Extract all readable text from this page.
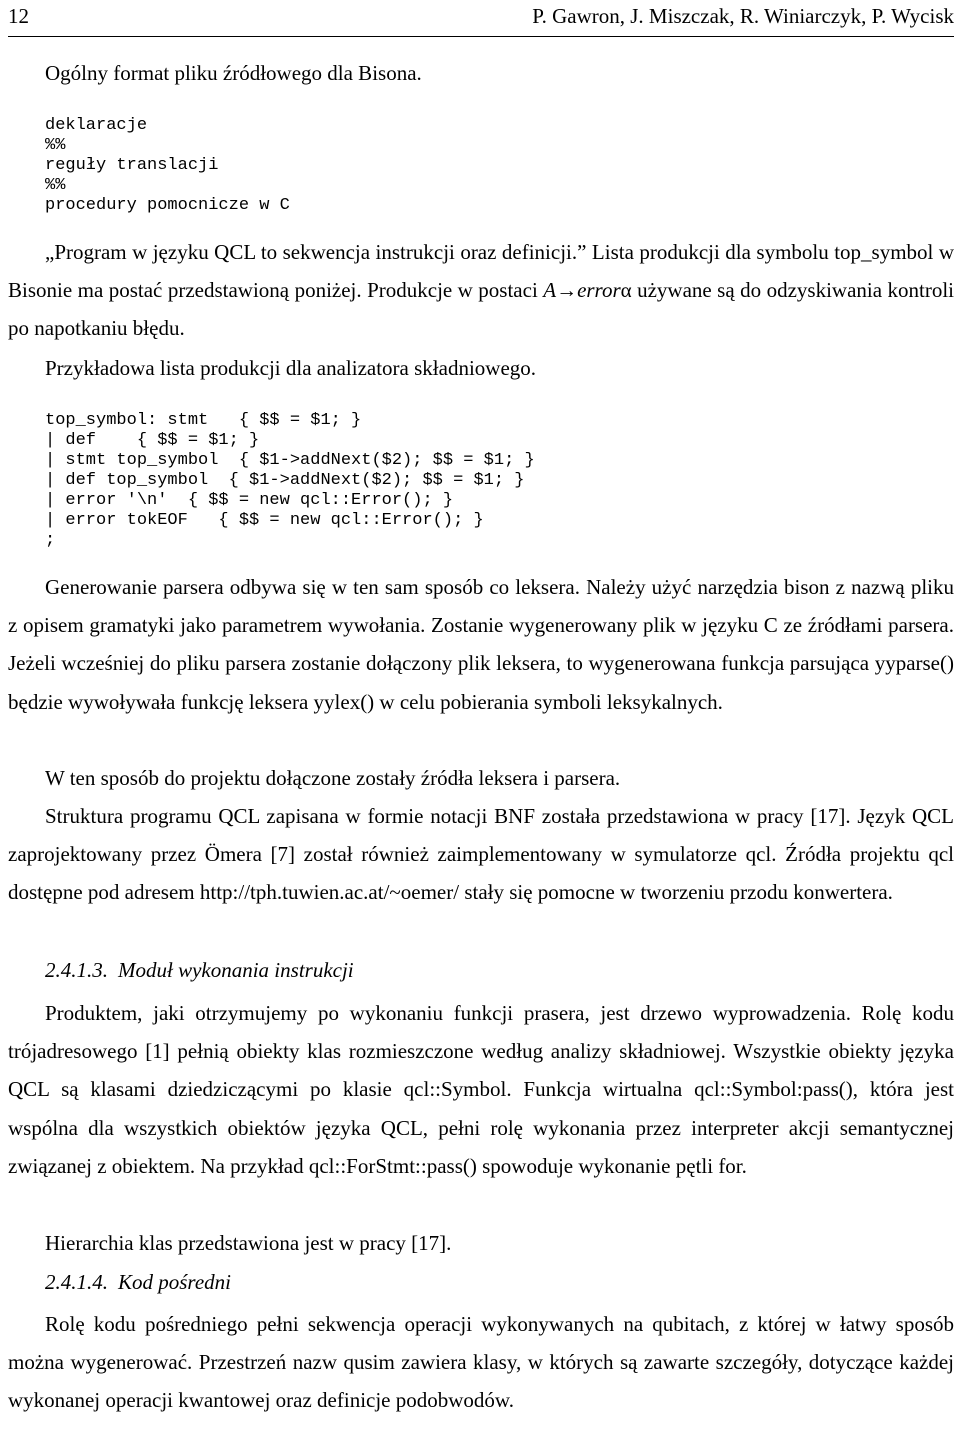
12	P. Gawron, J. Miszczak, R. Winiarczyk, P. Wycisk

Ogólny format pliku źródłowego dla Bisona.

deklaracje
%%
reguły translacji
%%
procedury pomocnicze w C

„Program w języku QCL to sekwencja instrukcji oraz definicji.” Lista produkcji dla symbolu top_symbol w Bisonie ma postać przedstawioną poniżej. Produkcje w postaci A→errorα używane są do odzyskiwania kontroli po napotkaniu błędu.

Przykładowa lista produkcji dla analizatora składniowego.

top_symbol: stmt   { $$ = $1; }
| def    { $$ = $1; }
| stmt top_symbol  { $1->addNext($2); $$ = $1; }
| def top_symbol  { $1->addNext($2); $$ = $1; }
| error '\n'  { $$ = new qcl::Error(); }
| error tokEOF   { $$ = new qcl::Error(); }
;

Generowanie parsera odbywa się w ten sam sposób co leksera. Należy użyć narzędzia bison z nazwą pliku z opisem gramatyki jako parametrem wywołania. Zostanie wygenerowany plik w języku C ze źródłami parsera. Jeżeli wcześniej do pliku parsera zostanie dołączony plik leksera, to wygenerowana funkcja parsująca yyparse() będzie wywoływała funkcję leksera yylex() w celu pobierania symboli leksykalnych.

W ten sposób do projektu dołączone zostały źródła leksera i parsera.

Struktura programu QCL zapisana w formie notacji BNF została przedstawiona w pracy [17]. Język QCL zaprojektowany przez Ömera [7] został również zaimplementowany w symulatorze qcl. Źródła projektu qcl dostępne pod adresem http://tph.tuwien.ac.at/~oemer/ stały się pomocne w tworzeniu przodu konwertera.

2.4.1.3. Moduł wykonania instrukcji

Produktem, jaki otrzymujemy po wykonaniu funkcji prasera, jest drzewo wyprowadzenia. Rolę kodu trójadresowego [1] pełnią obiekty klas rozmieszczone według analizy składniowej. Wszystkie obiekty języka QCL są klasami dziedziczącymi po klasie qcl::Symbol. Funkcja wirtualna qcl::Symbol:pass(), która jest wspólna dla wszystkich obiektów języka QCL, pełni rolę wykonania przez interpreter akcji semantycznej związanej z obiektem. Na przykład qcl::ForStmt::pass() spowoduje wykonanie pętli for.

Hierarchia klas przedstawiona jest w pracy [17].

2.4.1.4. Kod pośredni

Rolę kodu pośredniego pełni sekwencja operacji wykonywanych na qubitach, z której w łatwy sposób można wygenerować. Przestrzeń nazw qusim zawiera klasy, w których są zawarte szczegóły, dotyczące każdej wykonanej operacji kwantowej oraz definicje podobwodów.
